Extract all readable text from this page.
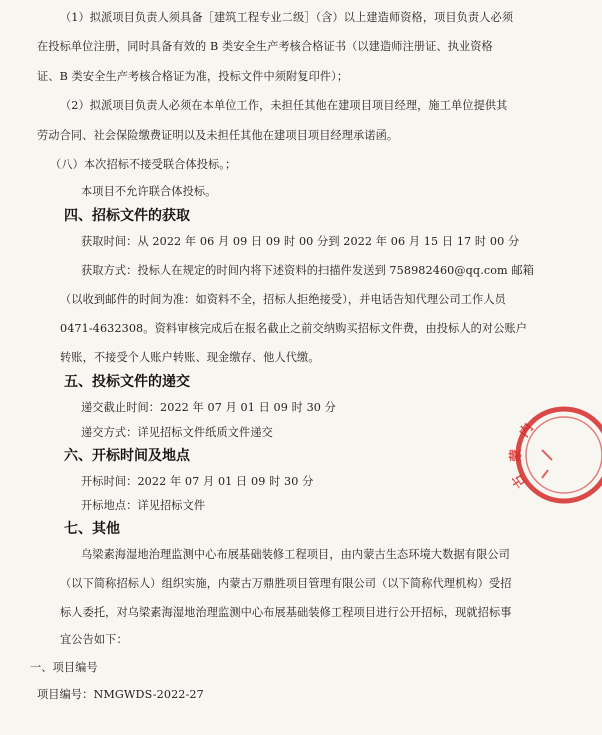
（1）拟派项目负责人须具备［建筑工程专业二级］（含）以上建造师资格，项目负责人必须
在投标单位注册，同时具备有效的 B 类安全生产考核合格证书（以建造师注册证、执业资格
证、B 类安全生产考核合格证为准，投标文件中须附复印件）；
（2）拟派项目负责人必须在本单位工作，未担任其他在建项目项目经理，施工单位提供其
劳动合同、社会保险缴费证明以及未担任其他在建项目项目经理承诺函。
（八）本次招标不接受联合体投标。；
本项目不允许联合体投标。
四、招标文件的获取
获取时间：从 2022 年 06 月 09 日 09 时 00 分到 2022 年 06 月 15 日 17 时 00 分
获取方式：投标人在规定的时间内将下述资料的扫描件发送到 758982460@qq.com 邮箱
（以收到邮件的时间为准：如资料不全，招标人拒绝接受），并电话告知代理公司工作人员
0471-4632308。资料审核完成后在报名截止之前交纳购买招标文件费，由投标人的对公账户
转账，不接受个人账户转账、现金缴存、他人代缴。
五、投标文件的递交
递交截止时间：2022 年 07 月 01 日 09 时 30 分
递交方式：详见招标文件纸质文件递交
六、开标时间及地点
开标时间：2022 年 07 月 01 日 09 时 30 分
开标地点：详见招标文件
七、其他
乌梁素海湿地治理监测中心布展基础装修工程项目，由内蒙古生态环境大数据有限公司
（以下简称招标人）组织实施，内蒙古万鼎胜项目管理有限公司（以下简称代理机构）受招
标人委托，对乌梁素海湿地治理监测中心布展基础装修工程项目进行公开招标，现就招标事
宜公告如下：
一、项目编号
项目编号：NMGWDS-2022-27
内
蒙
古
